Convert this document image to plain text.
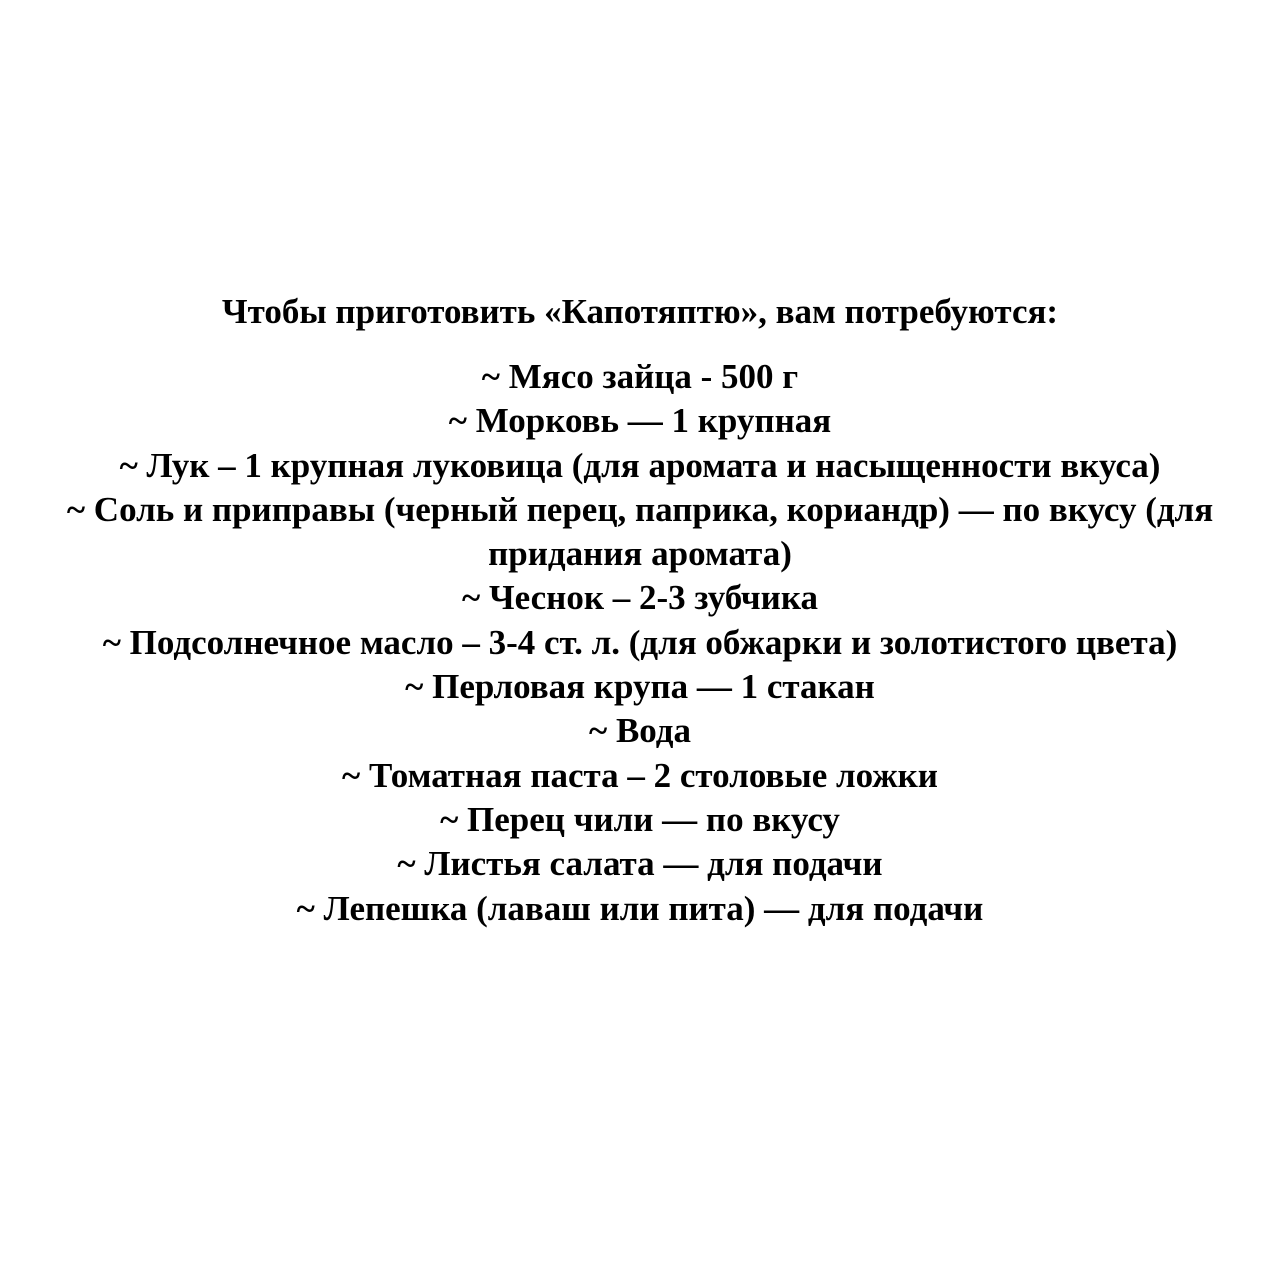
Чтобы приготовить «Капотяптю», вам потребуются:

~ Мясо зайца - 500 г
~ Морковь — 1 крупная
~ Лук – 1 крупная луковица (для аромата и насыщенности вкуса)
~ Соль и приправы (черный перец, паприка, кориандр) — по вкусу (для придания аромата)
~ Чеснок – 2-3 зубчика
~ Подсолнечное масло – 3-4 ст. л. (для обжарки и золотистого цвета)
~ Перловая крупа — 1 стакан
~ Вода
~ Томатная паста – 2 столовые ложки
~ Перец чили — по вкусу
~ Листья салата — для подачи
~ Лепешка (лаваш или пита) — для подачи
